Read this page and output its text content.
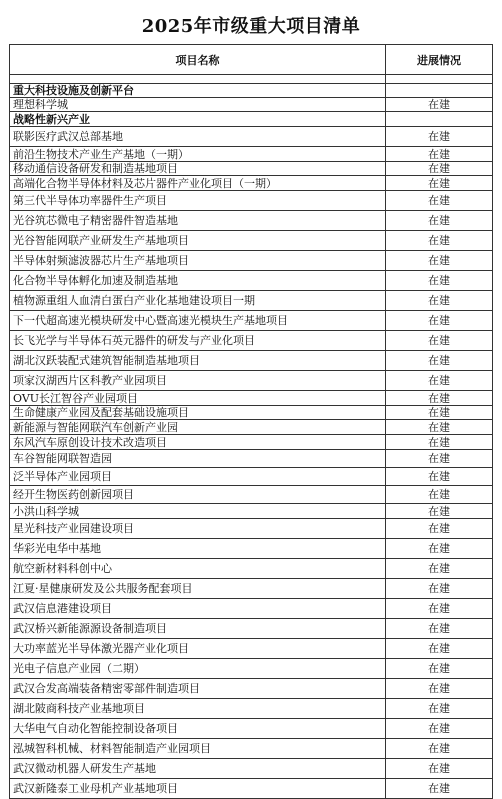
2025年市级重大项目清单
项目名称	进展情况

重大科技设施及创新平台	
理想科学城	在建
战略性新兴产业	
联影医疗武汉总部基地	在建
前沿生物技术产业生产基地（一期）	在建
移动通信设备研发和制造基地项目	在建
高端化合物半导体材料及芯片器件产业化项目（一期）	在建
第三代半导体功率器件生产项目	在建
光谷筑芯微电子精密器件智造基地	在建
光谷智能网联产业研发生产基地项目	在建
半导体射频滤波器芯片生产基地项目	在建
化合物半导体孵化加速及制造基地	在建
植物源重组人血清白蛋白产业化基地建设项目一期	在建
下一代超高速光模块研发中心暨高速光模块生产基地项目	在建
长飞光学与半导体石英元器件的研发与产业化项目	在建
湖北汉跃装配式建筑智能制造基地项目	在建
项家汉湖西片区科教产业园项目	在建
OVU长江智谷产业园项目	在建
生命健康产业园及配套基础设施项目	在建
新能源与智能网联汽车创新产业园	在建
东风汽车原创设计技术改造项目	在建
车谷智能网联智造园	在建
泛半导体产业园项目	在建
经开生物医药创新园项目	在建
小洪山科学城	在建
星光科技产业园建设项目	在建
华彩光电华中基地	在建
航空新材料科创中心	在建
江夏·星健康研发及公共服务配套项目	在建
武汉信息港建设项目	在建
武汉桥兴新能源源设备制造项目	在建
大功率蓝光半导体激光器产业化项目	在建
光电子信息产业园（二期）	在建
武汉合发高端装备精密零部件制造项目	在建
湖北陂商科技产业基地项目	在建
大华电气自动化智能控制设备项目	在建
泓城智科机械、材料智能制造产业园项目	在建
武汉微动机器人研发生产基地	在建
武汉新隆泰工业母机产业基地项目	在建
